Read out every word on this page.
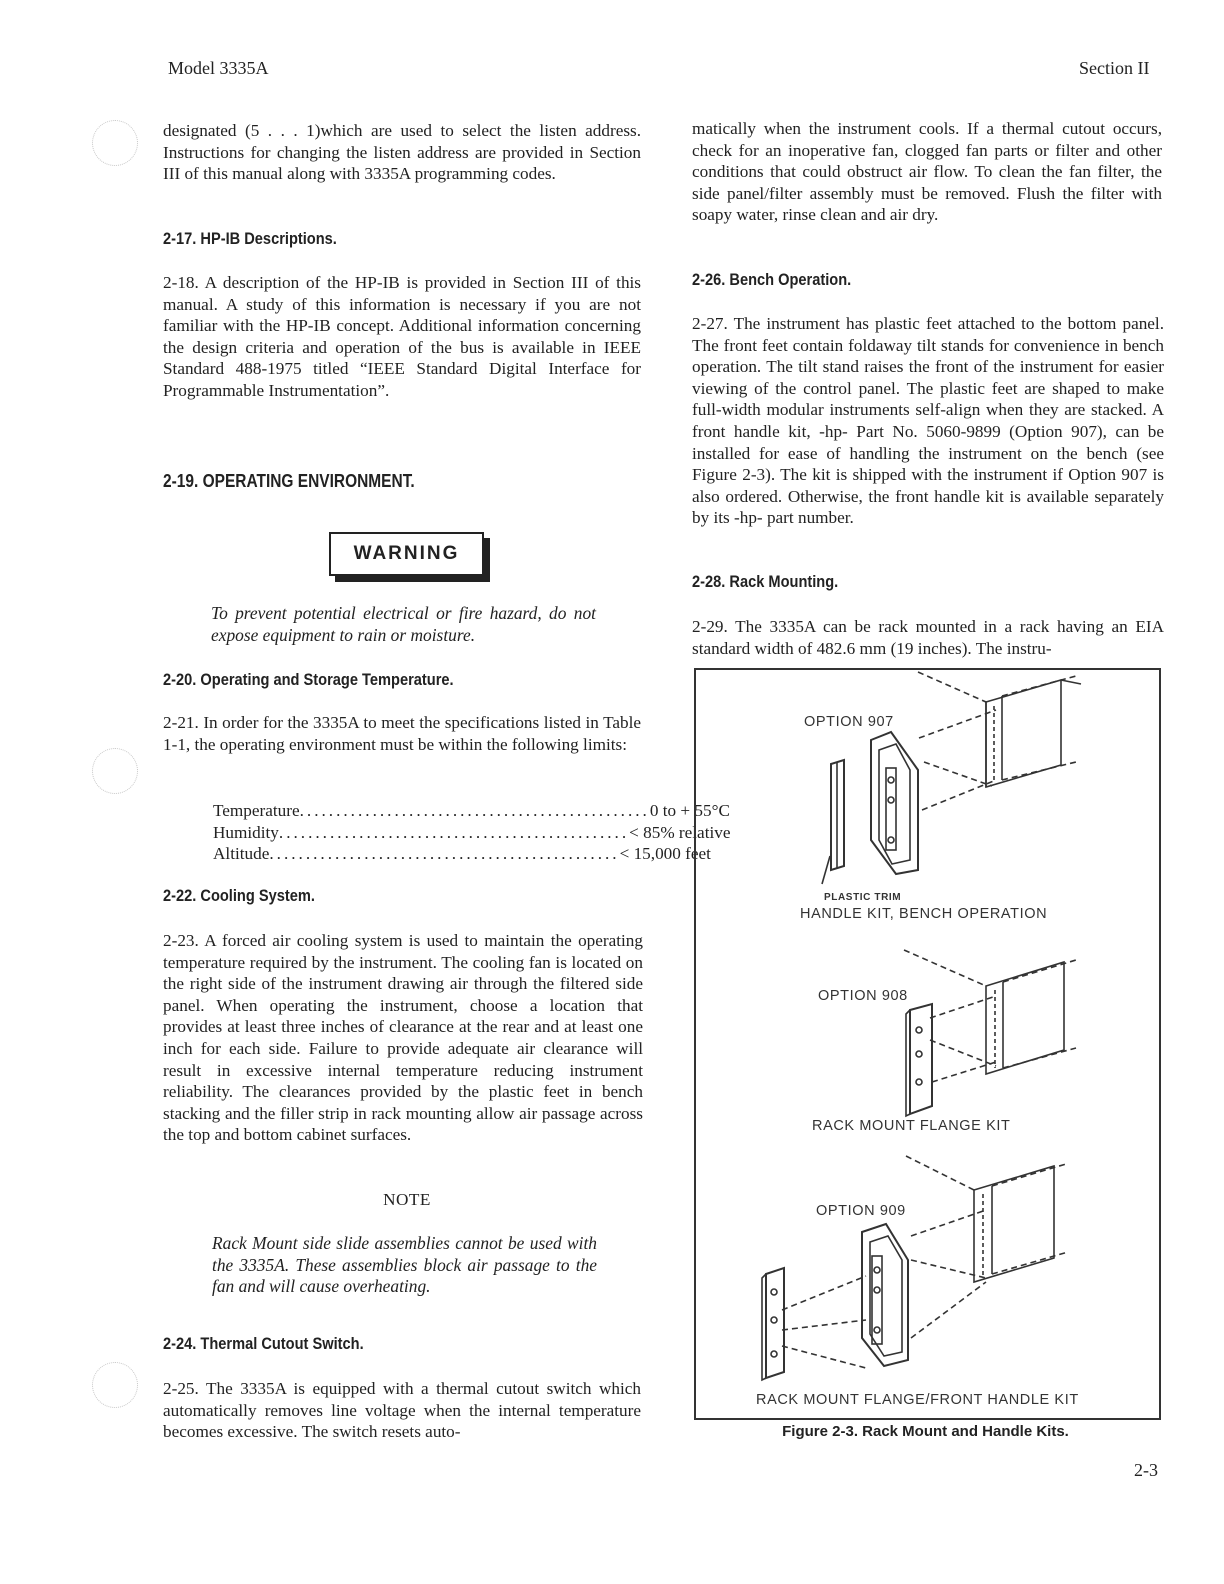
Model 3335A	Section II

designated (5 . . . 1)which are used to select the listen address. Instructions for changing the listen address are provided in Section III of this manual along with 3335A programming codes.

2-17. HP-IB Descriptions.

2-18. A description of the HP-IB is provided in Section III of this manual. A study of this information is necessary if you are not familiar with the HP-IB concept. Additional information concerning the design criteria and operation of the bus is available in IEEE Standard 488-1975 titled “IEEE Standard Digital Interface for Programmable Instrumentation”.

2-19. OPERATING ENVIRONMENT.
WARNING

To prevent potential electrical or fire hazard, do not expose equipment to rain or moisture.

2-20. Operating and Storage Temperature.

2-21. In order for the 3335A to meet the specifications listed in Table 1-1, the operating environment must be within the following limits:

Temperature ................................................ 0 to + 55°C
Humidity ................................................ < 85% relative
Altitude ................................................ < 15,000 feet
2-22. Cooling System.

2-23. A forced air cooling system is used to maintain the operating temperature required by the instrument. The cooling fan is located on the right side of the instrument drawing air through the filtered side panel. When operating the instrument, choose a location that provides at least three inches of clearance at the rear and at least one inch for each side. Failure to provide adequate air clearance will result in excessive internal temperature reducing instrument reliability. The clearances provided by the plastic feet in bench stacking and the filler strip in rack mounting allow air passage across the top and bottom cabinet surfaces.

NOTE

Rack Mount side slide assemblies cannot be used with the 3335A. These assemblies block air passage to the fan and will cause overheating.

2-24. Thermal Cutout Switch.

2-25. The 3335A is equipped with a thermal cutout switch which automatically removes line voltage when the internal temperature becomes excessive. The switch resets auto-

matically when the instrument cools. If a thermal cutout occurs, check for an inoperative fan, clogged fan parts or filter and other conditions that could obstruct air flow. To clean the fan filter, the side panel/filter assembly must be removed. Flush the filter with soapy water, rinse clean and air dry.

2-26. Bench Operation.

2-27. The instrument has plastic feet attached to the bottom panel. The front feet contain foldaway tilt stands for convenience in bench operation. The tilt stand raises the front of the instrument for easier viewing of the control panel. The plastic feet are shaped to make full-width modular instruments self-align when they are stacked. A front handle kit, -hp- Part No. 5060-9899 (Option 907), can be installed for ease of handling the instrument on the bench (see Figure 2-3). The kit is shipped with the instrument if Option 907 is also ordered. Otherwise, the front handle kit is available separately by its -hp- part number.

2-28. Rack Mounting.

2-29. The 3335A can be rack mounted in a rack having an EIA standard width of 482.6 mm (19 inches). The instru-

OPTION 907
PLASTIC TRIM
HANDLE KIT, BENCH OPERATION
OPTION 908
RACK MOUNT FLANGE KIT
OPTION 909
RACK MOUNT FLANGE/FRONT HANDLE KIT
Figure 2-3. Rack Mount and Handle Kits.
2-3
